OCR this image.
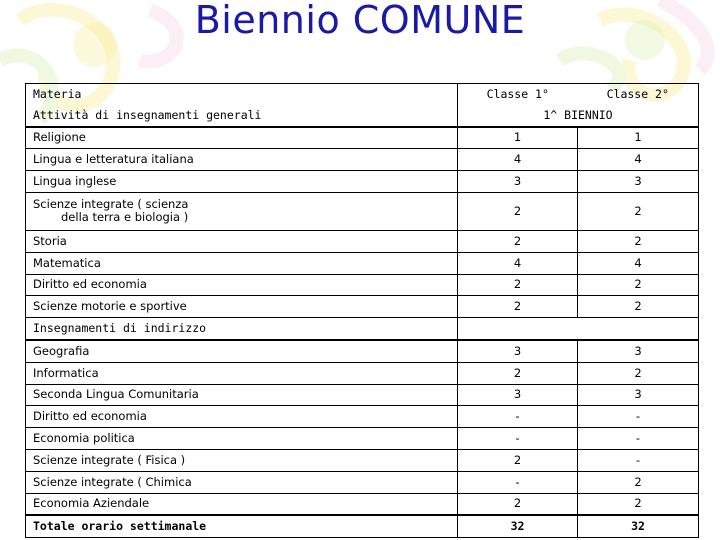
Biennio COMUNE
Materia	Classe 1°	Classe 2°
Attività di insegnamenti generali	1^ BIENNIO	
Religione	1	1
Lingua e letteratura italiana	4	4
Lingua inglese	3	3

Scienze integrate ( scienza
della terra e biologia )	2	2
Storia	2	2
Matematica	4	4
Diritto ed economia	2	2
Scienze motorie e sportive	2	2
Insegnamenti di indirizzo		
Geografia	3	3
Informatica	2	2
Seconda Lingua Comunitaria	3	3
Diritto ed economia	-	-
Economia politica	-	-
Scienze integrate ( Fisica )	2	-
Scienze integrate ( Chimica	-	2
Economia Aziendale	2	2
Totale orario settimanale	32	32
